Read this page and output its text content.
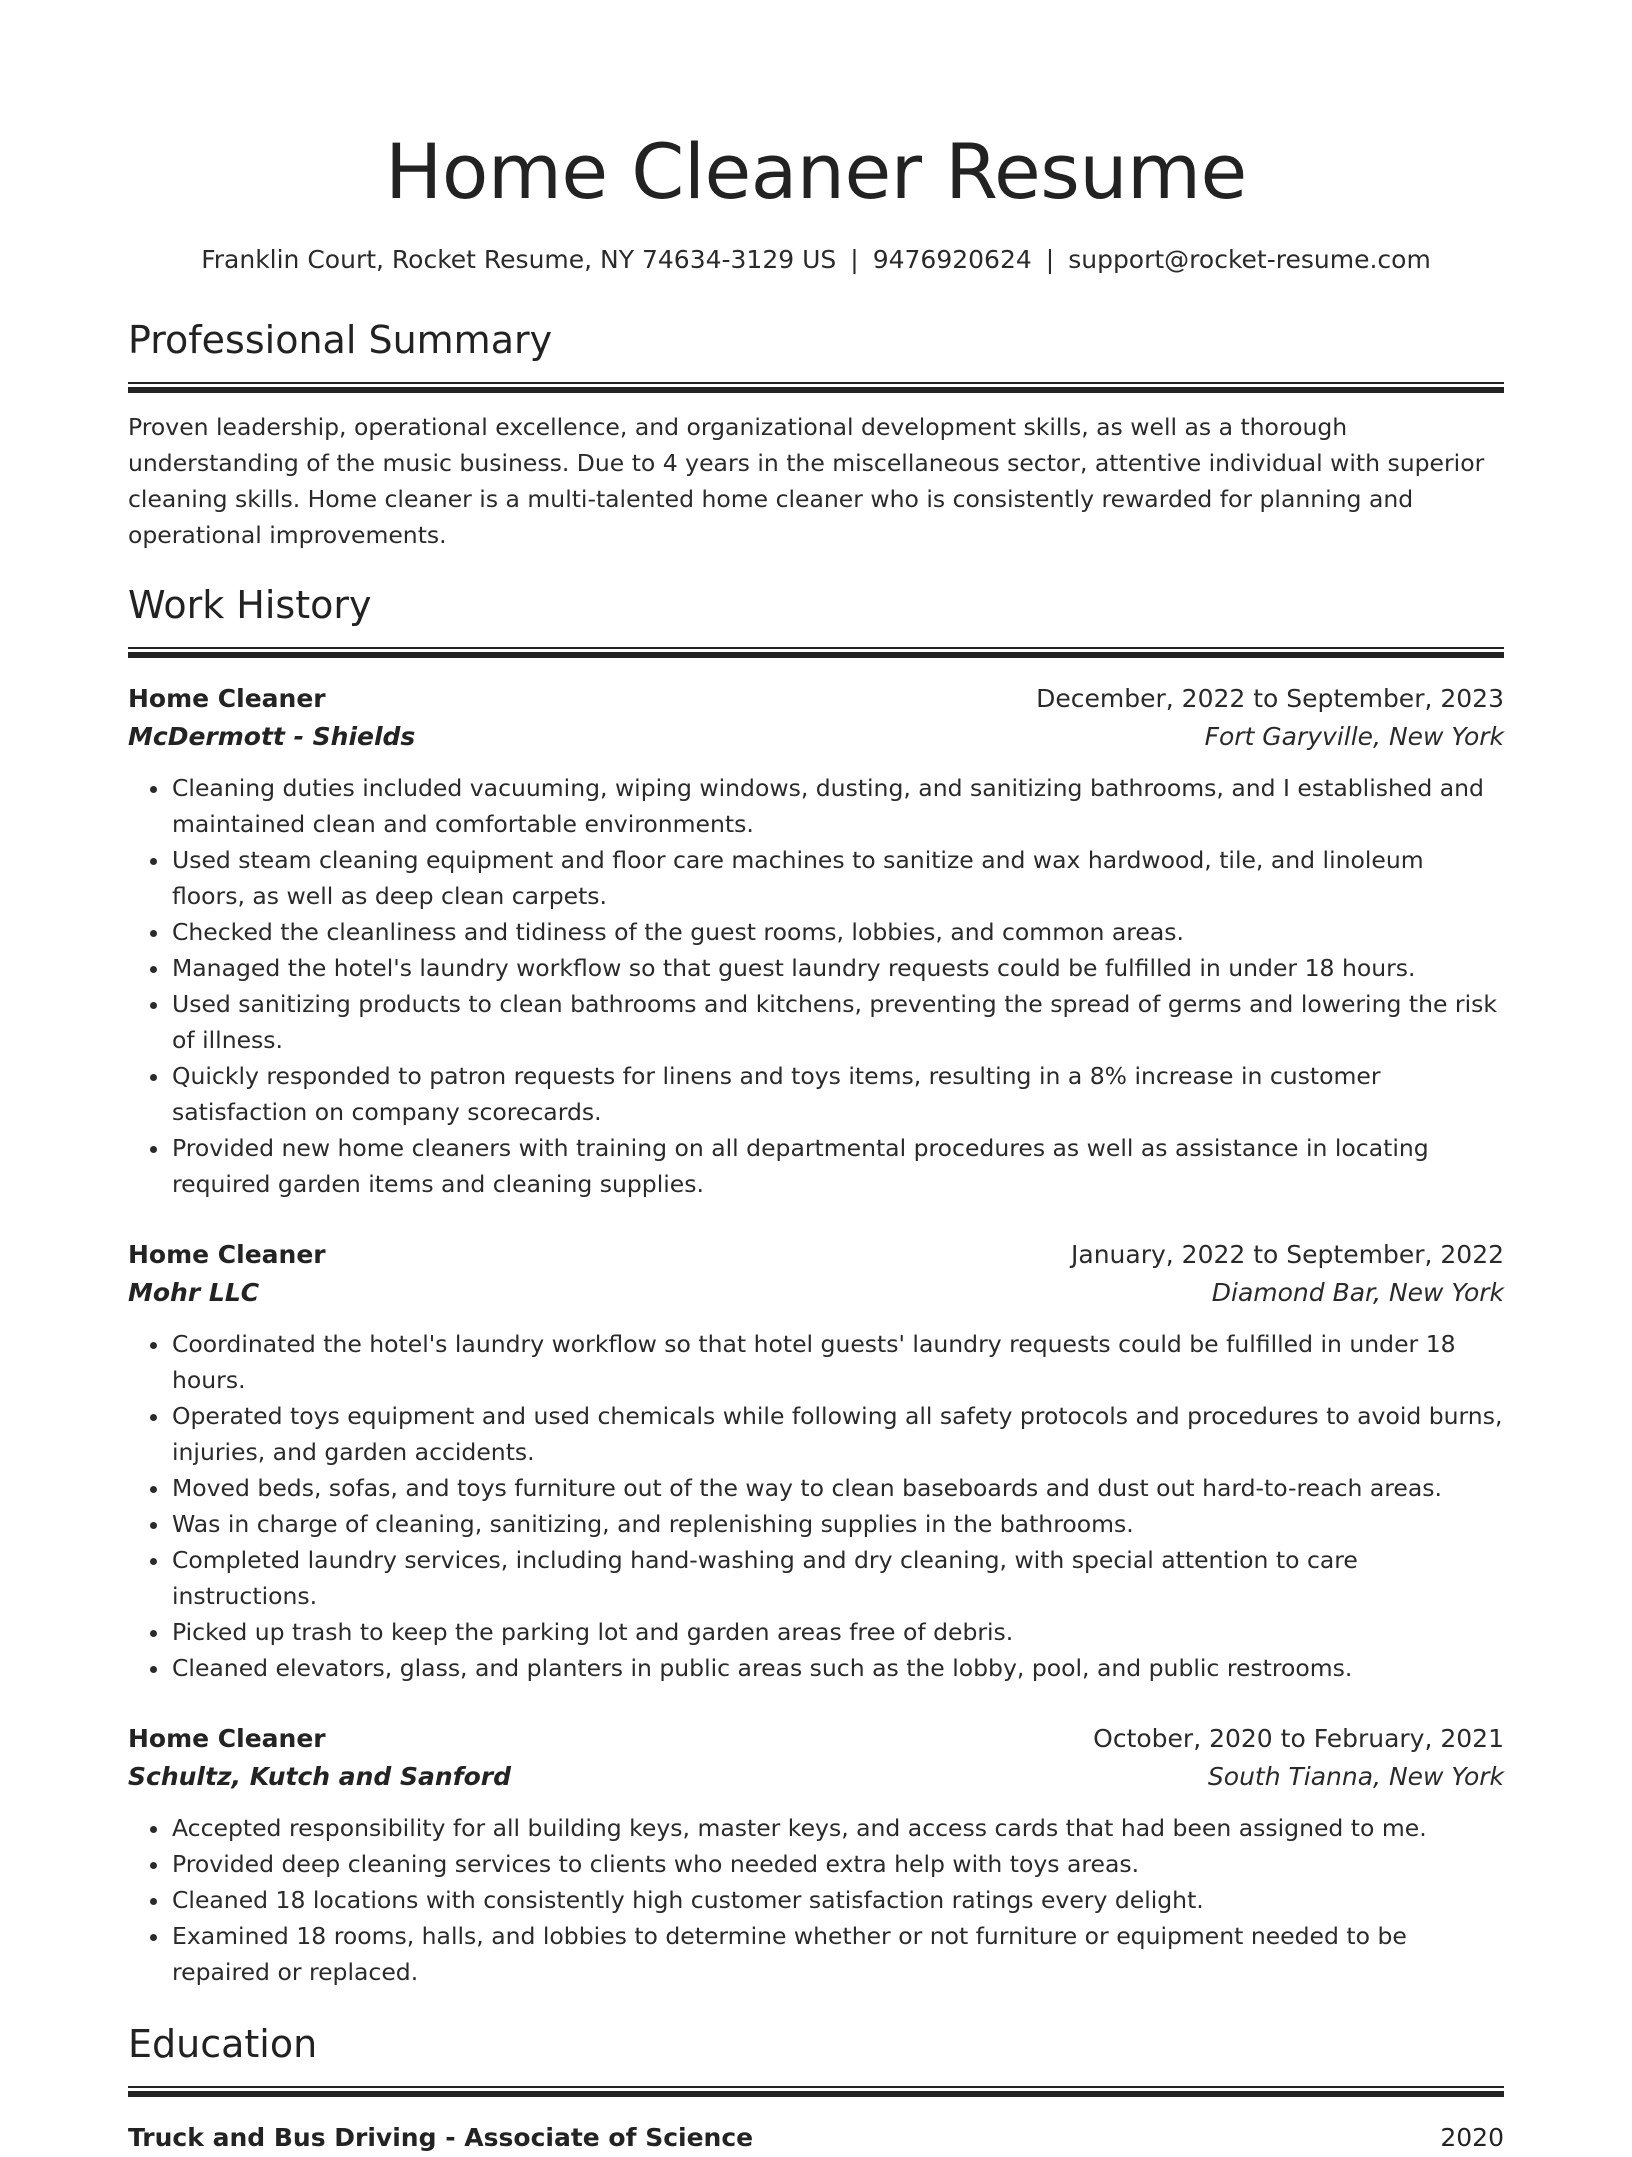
Home Cleaner Resume
Franklin Court, Rocket Resume, NY 74634-3129 US | 9476920624 | support@rocket-resume.com
Professional Summary

Proven leadership, operational excellence, and organizational development skills, as well as a thorough understanding of the music business. Due to 4 years in the miscellaneous sector, attentive individual with superior cleaning skills. Home cleaner is a multi-talented home cleaner who is consistently rewarded for planning and operational improvements.

Work History
Home Cleaner	December, 2022 to September, 2023
McDermott - Shields	Fort Garyville, New York
• Cleaning duties included vacuuming, wiping windows, dusting, and sanitizing bathrooms, and I established and maintained clean and comfortable environments.
• Used steam cleaning equipment and floor care machines to sanitize and wax hardwood, tile, and linoleum floors, as well as deep clean carpets.
• Checked the cleanliness and tidiness of the guest rooms, lobbies, and common areas.
• Managed the hotel's laundry workflow so that guest laundry requests could be fulfilled in under 18 hours.
• Used sanitizing products to clean bathrooms and kitchens, preventing the spread of germs and lowering the risk of illness.
• Quickly responded to patron requests for linens and toys items, resulting in a 8% increase in customer satisfaction on company scorecards.
• Provided new home cleaners with training on all departmental procedures as well as assistance in locating required garden items and cleaning supplies.
Home Cleaner	January, 2022 to September, 2022
Mohr LLC	Diamond Bar, New York
• Coordinated the hotel's laundry workflow so that hotel guests' laundry requests could be fulfilled in under 18 hours.
• Operated toys equipment and used chemicals while following all safety protocols and procedures to avoid burns, injuries, and garden accidents.
• Moved beds, sofas, and toys furniture out of the way to clean baseboards and dust out hard-to-reach areas.
• Was in charge of cleaning, sanitizing, and replenishing supplies in the bathrooms.
• Completed laundry services, including hand-washing and dry cleaning, with special attention to care instructions.
• Picked up trash to keep the parking lot and garden areas free of debris.
• Cleaned elevators, glass, and planters in public areas such as the lobby, pool, and public restrooms.
Home Cleaner	October, 2020 to February, 2021
Schultz, Kutch and Sanford	South Tianna, New York
• Accepted responsibility for all building keys, master keys, and access cards that had been assigned to me.
• Provided deep cleaning services to clients who needed extra help with toys areas.
• Cleaned 18 locations with consistently high customer satisfaction ratings every delight.
• Examined 18 rooms, halls, and lobbies to determine whether or not furniture or equipment needed to be repaired or replaced.
Education
Truck and Bus Driving - Associate of Science	2020
